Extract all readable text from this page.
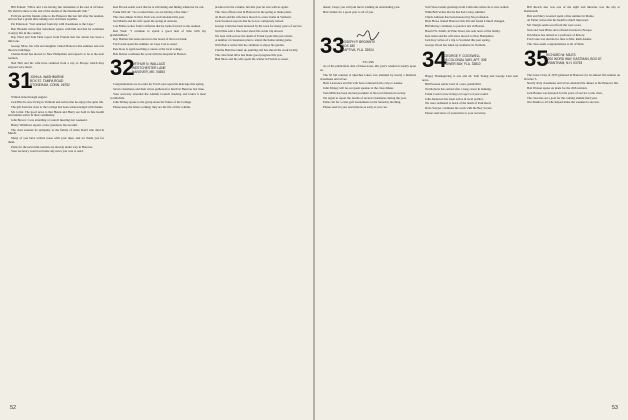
Bill Fenton: "Olive and I are having fun retirement at the end of October. We shall be there to the end of the month of the Dartmouth club."

Ed Kyle and his friends came to the Hanover Inn last fall after the reunion, and we had a grand time talking over old times together.

Pat Patterson: "Just returned from trip with classmates to the Cape."

Bert Brendel writes that retirement agrees with him and that he continues to enjoy life in the country.

Ray Ward and Tom Dent report from Florida that the winter has been a mild one.

George Shaw, his wife and daughter visited Hanover this summer and saw the new buildings.

Charles Rand has moved to New Hampshire and expects to be at the next reunion.

Ned Hall and his wife have returned from a trip to Europe which they enjoyed very much.

31
JOHN A. WASHBURNE
BOX 57, TAMPA ROAD
STONEHAM, CONN. 06752

Written June through August.

Jack Hurd is now living in Vermont and writes that he enjoys the quiet life.

The gift from the class to the College has been acknowledged with thanks.

Mr. Little: The good news is that Helen and Harry are both in fine health and remain active in their community.

John Bower: I was attending a Council meeting last weekend.

Henry Whitmore reports a new grandson, his seventh.

The class extends its sympathy to the family of Allen Dodd who died in March.

Many of you have written notes with your dues, and we thank you for them.

Plans for the next mini-reunion are already under way in Hanover.

Your secretary would welcome any news you care to send.

Ken Brown sends word that he is still skiing and hiking whenever he can.

Frank McCall: "As a retired man, we are having a fine time."

The class dinner in New York was well attended this year.

Ted Martin and his wife spent the spring in Arizona.

Lou Bolles writes from California that he looks forward to the reunion.

Red West: "I continue to spend a good deal of time with my grandchildren."

Ray Holmes has been elected to the board of his local bank.

Fred Grant spent the summer on Cape Cod as usual.

Pete Ross is again teaching a course at the local college.

Bob Dexter continues his work with the hospital in Boston.

32
ARTHUR N. WALLACE
WESTCHESTER LANE
HANOVER, ME. 04553

Congratulations are in order for Fred Leyer upon his marriage this spring.

Seven classmates and their wives gathered for lunch in Hanover last June.

Your secretary attended the Alumni Council meeting and found it most worthwhile.

John Dickey spoke to the group about the future of the College.

Please keep the letters coming; they are the life of this column.

produced in the volume, but that year he was with us again.

The class officers met in Hanover in the spring to make plans.

Al Doan and his wife have moved to a new home in Vermont.

Jack Swanson reports that he is now completely retired.

George Cram has been honored by his town for many years of service.

Tom Hale sent a fine letter about his recent trip abroad.

We note with sorrow the death of Frank Lyons this past winter.

A number of classmates plan to attend the homecoming game.

Walt Pierce writes that he continues to enjoy his garden.

Charlie Bent has taken up painting and has shown his work locally.

The class fund drive has made good progress this year.

Bud Shaw and his wife spent the winter in Florida as usual.

52

ahead, I hope you will join me in wishing an outstanding year.

Best wishes for a good year to all of you.

33
JOSEPH P. BROWN III
BOX 180
CAPTIVA, FLA. 33924

'33's 45th

As of the publication date of these notes, this year's reunion is nearly upon us.

The 50 fall reunion at Quechee Lakes was attended by nearly a hundred classmates and wives.

Herb Lawrence and his wife have returned from a trip to Alaska.

John Dickey will be our guest speaker at the class dinner.

Stan Mills has been elected president of his local historical society.

We regret to report the deaths of several classmates during the year.

Plans call for a class golf tournament on the Saturday morning.

Please send in your reservations as early as you can.

Tom Wood sends greetings from California where he is now settled.

Wink Bell writes that he has had a busy summer.

Chuck Johnson has been honored by his profession.

Dick Howe visited Hanover this fall and found it much changed.

Bill Murray continues to practice law in Boston.

Harold W. Smith, 42 Pine Street, has sent news of his family.

Ken Allen and his wife have moved to New Hampshire.

Jack Kay writes of a trip to Scotland this past spring.

George Wood has taken up residence in Vermont.

34
GEORGE F. COGSWELL
26 COLONIAL WAY, APT. 308
LOWER BAY, FLA. 33810

Happy Thanksgiving to one and all. Tom Young and George Lent sent news.

Bill Pearson sends word of a new grandchild.

Ted Roberts has retired after a long career in banking.

Frank Cook is now living on Cape Cod year round.

John Anderson has been active in local politics.

We were saddened to learn of the death of Paul Reed.

Dave Sawyer continues his work with the Boy Scouts.

Please send news of yourselves to your secretary.

Bill Roach also was one of the sight and likewise was the trip to Dartmouth.

Bob and Mary Leonard spent a fine summer in Maine.

Al Fuller writes that his health is much improved.

Mr. Sturgis sends word from the west coast.

Tom and Joan Hicks and a friend traveled to Europe.

Jim Morse has retired as a professor of history.

Fred Lane was married in June to Mrs. Ruth Adams.

The class sends congratulations to all of them.

35
RICHARD W. MILES
4200 WORD WAY, EASTMAN, BOX 87
GRANTHAM, N.H. 03753

The Great Class of 1935 gathered in Hanover for its annual fall reunion on October 5.

Nearly sixty classmates and wives attended the dinner at the Hanover Inn.

Bob Watson spoke on plans for the 45th reunion.

Jack Barnes was honored for his years of service to the class.

The class has set a goal for the coming alumni fund year.

Our thanks to all who helped make the weekend a success.

53
